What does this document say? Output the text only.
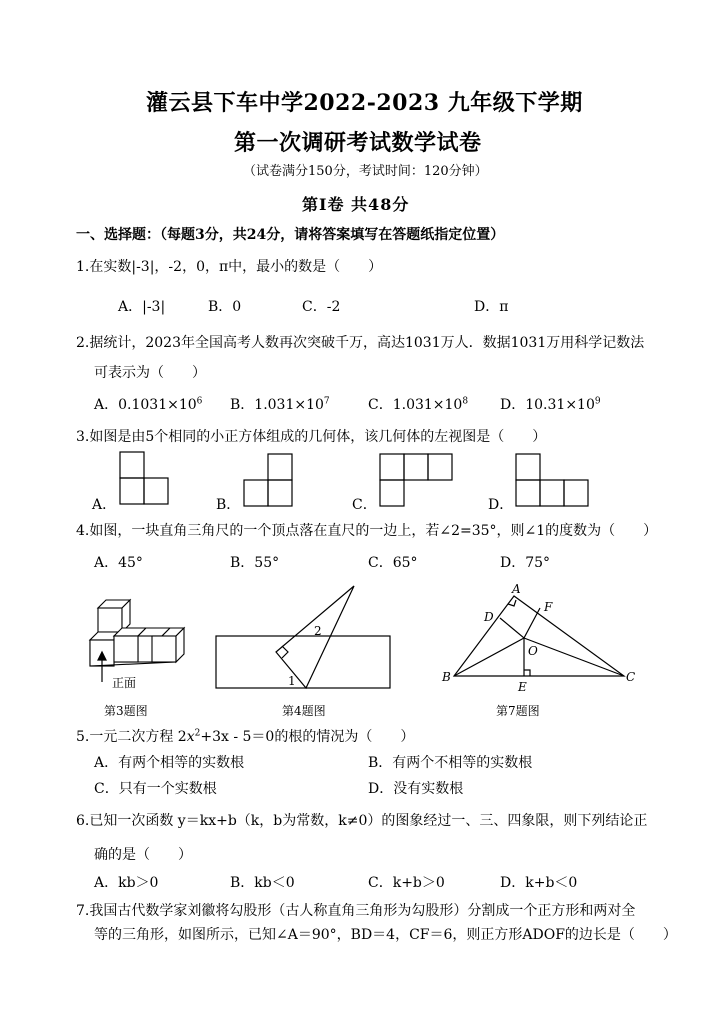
灌云县下车中学2022-2023 九年级下学期
第一次调研考试数学试卷
（试卷满分150分，考试时间：120分钟）
第Ⅰ卷 共48分
一、选择题：（每题3分，共24分，请将答案填写在答题纸指定位置）
1.在实数|-3|，-2，0，π中，最小的数是（　　）
A．|-3|	B．0	C．-2	D．π
2.据统计，2023年全国高考人数再次突破千万，高达1031万人．数据1031万用科学记数法
可表示为（　　）
A．$0.1031\times 10^6$ B．$1.031\times 10^7$	C．$1.031\times 10^8$ D．$10.31\times 10^9$
3.如图是由5个相同的小正方体组成的几何体，该几何体的左视图是（　　）
A．	B．	C．	D．
4.如图，一块直角三角尺的一个顶点落在直尺的一边上，若∠2=35°，则∠1的度数为（　　）
A．45°	B．55°	C．65°	D．75°
正面
第3题图	第4题图
1
2
第7题图
A
D
F
O
B
E
C
5.一元二次方程 $2x^2+3x - 5=0$的根的情况为（　　）
A．有两个相等的实数根	B．有两个不相等的实数根
C．只有一个实数根	D．没有实数根
6.已知一次函数 y＝kx+b（k，b为常数，k≠0）的图象经过一、三、四象限，则下列结论正
确的是（　　）
A．kb＞0	B．kb＜0	C．k+b＞0	D．k+b＜0
7.我国古代数学家刘徽将勾股形（古人称直角三角形为勾股形）分割成一个正方形和两对全
等的三角形，如图所示，已知∠A＝90°，BD＝4，CF＝6，则正方形ADOF的边长是（　　）
